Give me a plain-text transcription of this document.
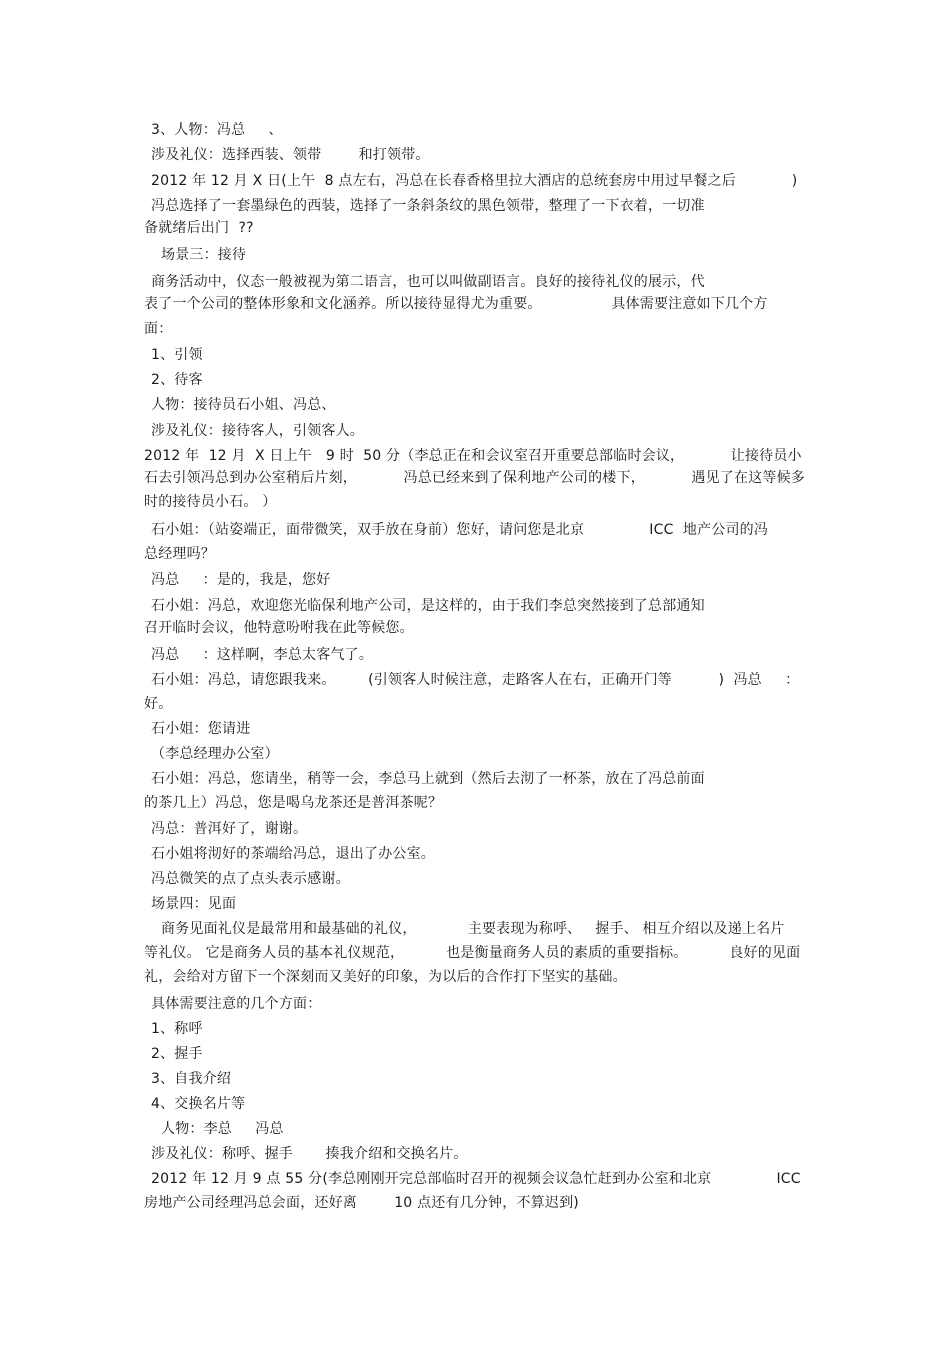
3、人物：冯总     、
涉及礼仪：选择西装、领带        和打领带。
2012 年 12 月 X 日(上午  8 点左右，冯总在长春香格里拉大酒店的总统套房中用过早餐之后            )
冯总选择了一套墨绿色的西装，选择了一条斜条纹的黑色领带，整理了一下衣着，一切准
备就绪后出门  ??
场景三：接待
商务活动中，仪态一般被视为第二语言，也可以叫做副语言。良好的接待礼仪的展示，代
表了一个公司的整体形象和文化涵养。所以接待显得尤为重要。               具体需要注意如下几个方
面：
1、引领
2、待客
人物：接待员石小姐、冯总、
涉及礼仪：接待客人，引领客人。
2012 年  12 月  X 日上午   9 时  50 分（李总正在和会议室召开重要总部临时会议，          让接待员小
石去引领冯总到办公室稍后片刻，          冯总已经来到了保利地产公司的楼下，          遇见了在这等候多
时的接待员小石。 ）
石小姐：（站姿端正，面带微笑，双手放在身前）您好，请问您是北京              ICC  地产公司的冯
总经理吗？
冯总     ：是的，我是，您好
石小姐：冯总，欢迎您光临保利地产公司，是这样的，由于我们李总突然接到了总部通知
召开临时会议，他特意吩咐我在此等候您。
冯总     ：这样啊，李总太客气了。
石小姐：冯总，请您跟我来。       (引领客人时候注意，走路客人在右，正确开门等          )  冯总     ：
好。
石小姐：您请进
（李总经理办公室）
石小姐：冯总，您请坐，稍等一会，李总马上就到（然后去沏了一杯茶，放在了冯总前面
的茶几上）冯总，您是喝乌龙茶还是普洱茶呢？
冯总：普洱好了，谢谢。
石小姐将沏好的茶端给冯总，退出了办公室。
冯总微笑的点了点头表示感谢。
场景四：见面
商务见面礼仪是最常用和最基础的礼仪，           主要表现为称呼、   握手、 相互介绍以及递上名片
等礼仪。 它是商务人员的基本礼仪规范，         也是衡量商务人员的素质的重要指标。         良好的见面
礼，会给对方留下一个深刻而又美好的印象，为以后的合作打下坚实的基础。
具体需要注意的几个方面：
1、称呼
2、握手
3、自我介绍
4、交换名片等
人物：李总     冯总
涉及礼仪：称呼、握手       揍我介绍和交换名片。
2012 年 12 月 9 点 55 分(李总刚刚开完总部临时召开的视频会议急忙赶到办公室和北京              ICC
房地产公司经理冯总会面，还好离        10 点还有几分钟，不算迟到)
